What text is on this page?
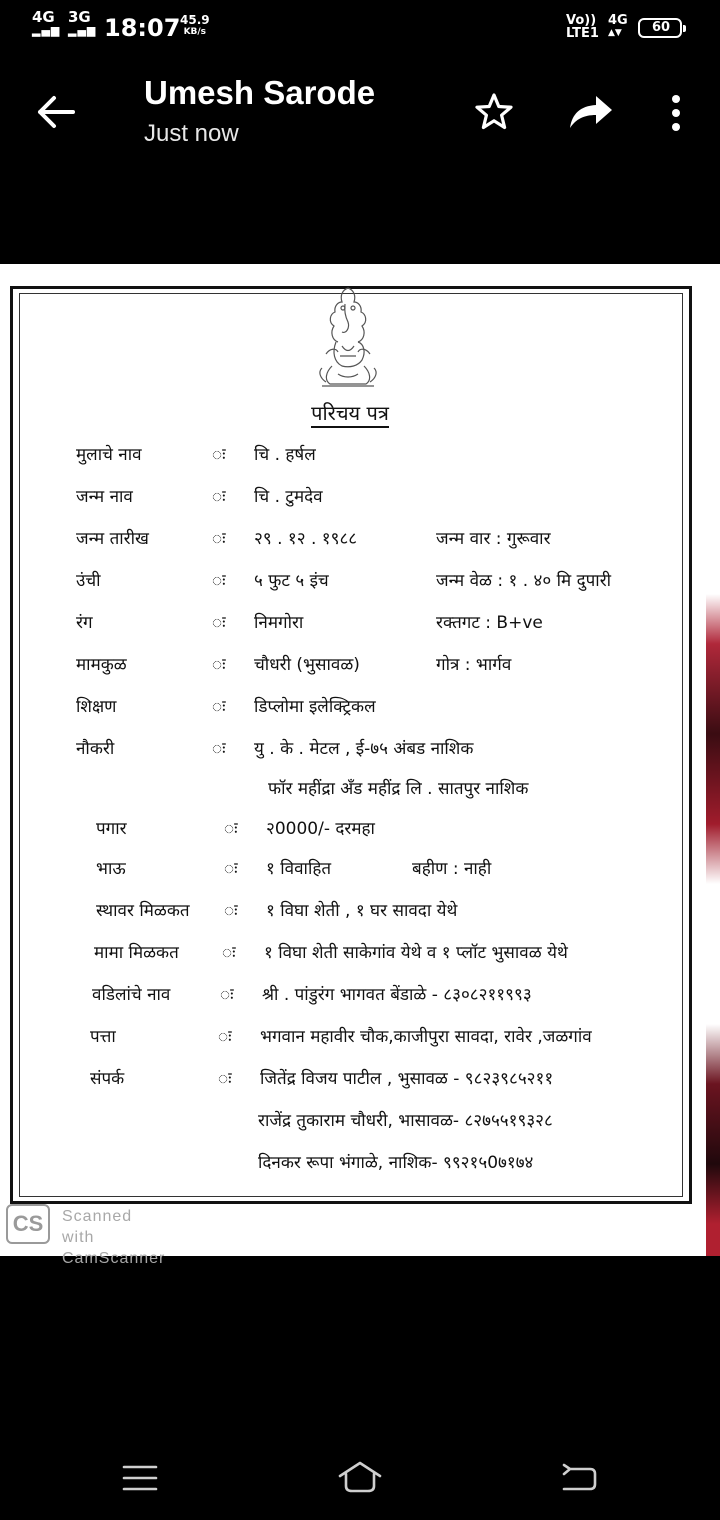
4G
▂▄▆
3G
▂▄▆ 18:07 45.9
KB/s
Vo))
LTE1
4G
▲▼	60
Umesh Sarode
Just now
परिचय पत्र
मुलाचे नाव	ः चि . हर्षल
जन्म नाव	ः चि . टुमदेव
जन्म तारीख	ः २९ . १२ . १९८८	जन्म वार : गुरूवार
उंची	ः ५ फुट ५ इंच	जन्म वेळ : १ . ४० मि दुपारी
रंग	ः निमगोरा	रक्तगट : B+ve
मामकुळ	ः चौधरी (भुसावळ)	गोत्र : भार्गव
शिक्षण	ः डिप्लोमा इलेक्ट्रिकल
नौकरी	ः यु . के . मेटल , ई-७५ अंबड नाशिक
फॉर महींद्रा अँड महींद्र लि . सातपुर नाशिक
पगार	ः २0000/- दरमहा
भाऊ	ः १ विवाहित	बहीण : नाही
स्थावर मिळकत ः १ विघा शेती , १ घर सावदा येथे
मामा मिळकत	ः १ विघा शेती साकेगांव येथे व १ प्लॉट भुसावळ येथे
वडिलांचे नाव	ः श्री . पांडुरंग भागवत बेंडाळे - ८३०८२११९९३
पत्ता	ः भगवान महावीर चौक,काजीपुरा सावदा, रावेर ,जळगांव
संपर्क	ः जितेंद्र विजय पाटील , भुसावळ - ९८२३९८५२११
राजेंद्र तुकाराम चौधरी, भासावळ- ८२७५५१९३२८
दिनकर रूपा भंगाळे, नाशिक- ९९२१५0७१७४
CS	Scanned with
CamScanner
